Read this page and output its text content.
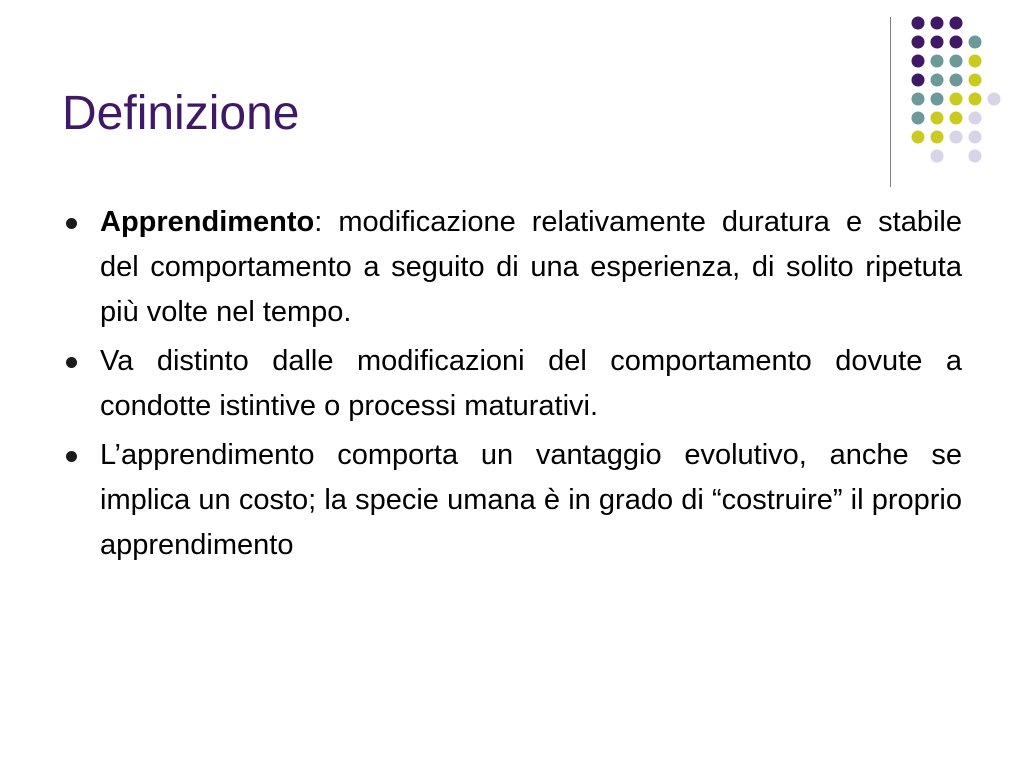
Definizione
Apprendimento: modificazione relativamente duratura e stabile del comportamento a seguito di una esperienza, di solito ripetuta più volte nel tempo.
Va distinto dalle modificazioni del comportamento dovute a condotte istintive o processi maturativi.
L’apprendimento comporta un vantaggio evolutivo, anche se implica un costo; la specie umana è in grado di “costruire” il proprio apprendimento
